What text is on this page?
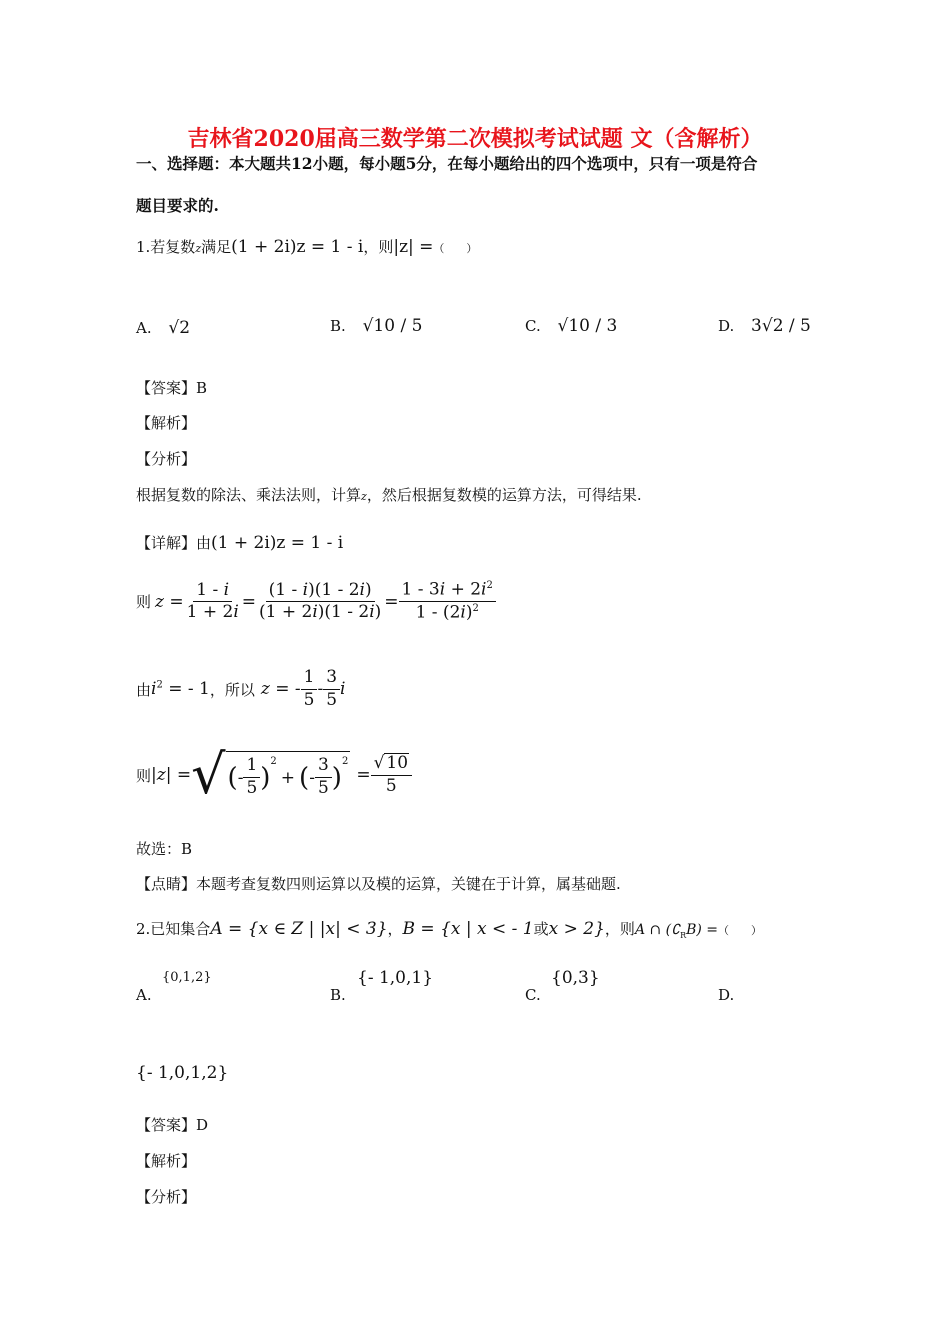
吉林省2020届高三数学第二次模拟考试试题 文（含解析）
一、选择题：本大题共12小题，每小题5分，在每小题给出的四个选项中，只有一项是符合
题目要求的.
1.若复数z满足(1 + 2i)z = 1 - i，则|z| =（　　）
A. √2	B. √10 / 5	C. √10 / 3	D. 3√2 / 5
【答案】B
【解析】
【分析】
根据复数的除法、乘法法则，计算z，然后根据复数模的运算方法，可得结果.
【详解】由(1 + 2i)z = 1 - i
则 $z = \frac{1 - i}{1 + 2i} = \frac{(1 - i)(1 - 2i)}{(1 + 2i)(1 - 2i)} = \frac{1 - 3i + 2i^2}{1 - (2i)^2}$
由 $i^2$ = - 1 ，所以 z = - $\frac{1}{5} - \frac{3}{5}$ i
则 |z| = √ ( - $\frac{1}{5}$ )
$^2$
+ ( - $\frac{3}{5}$ )
$^2$
= $\frac{√ 10}{5}$
故选：B
【点睛】本题考查复数四则运算以及模的运算，关键在于计算，属基础题.
2.已知集合A = {x ∈ Z | |x| < 3}，B = {x | x < - 1或x > 2}，则A ∩ $(∁_RB)$ =（　　）
A.
{0,1,2}
B.
{- 1,0,1}
C.
{0,3}
D.
{- 1,0,1,2}
【答案】D
【解析】
【分析】
